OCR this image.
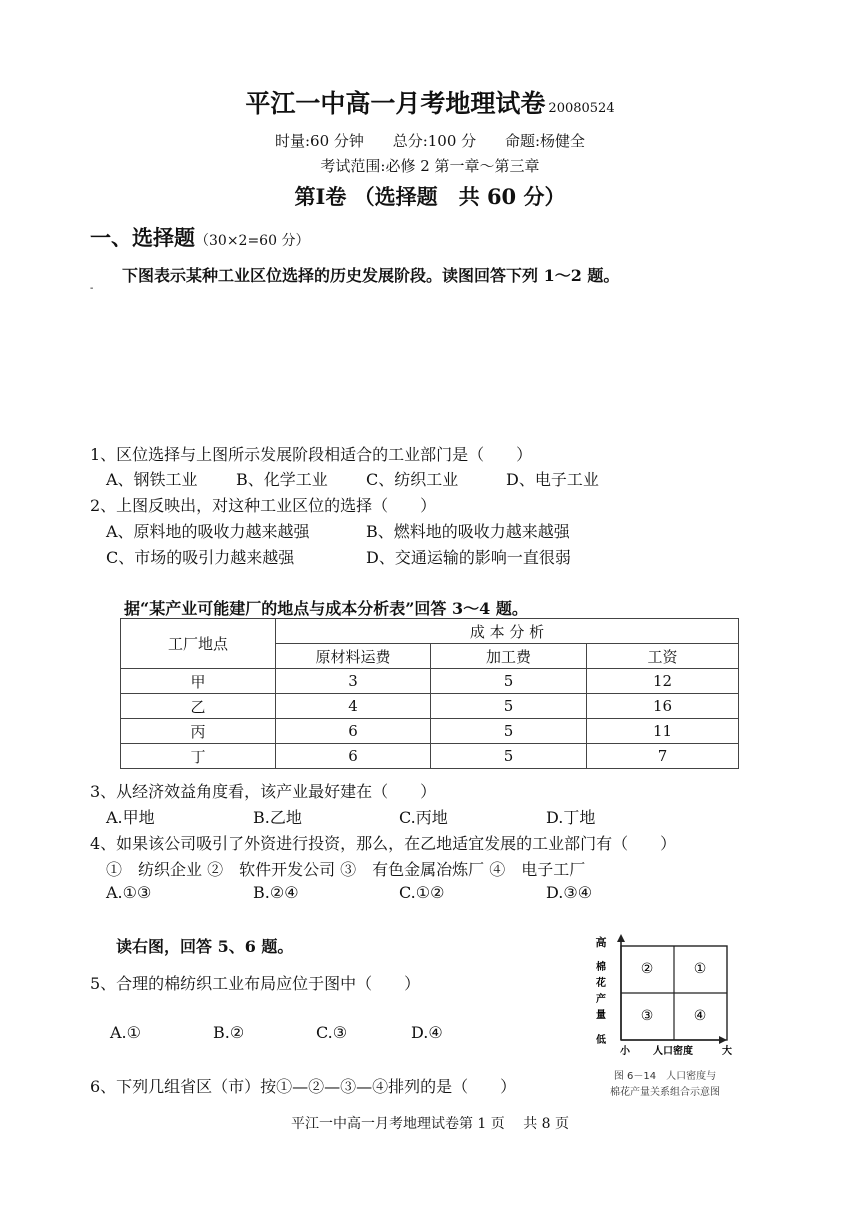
平江一中高一月考地理试卷 20080524
时量:60 分钟 总分:100 分 命题:杨健全
考试范围:必修 2 第一章～第三章
第Ⅰ卷 （选择题　共 60 分）
一、选择题（30×2=60 分）
下图表示某种工业区位选择的历史发展阶段。读图回答下列 1～2 题。
-
1、区位选择与上图所示发展阶段相适合的工业部门是（　　）
A、钢铁工业 B、化学工业 C、纺织工业	D、电子工业
2、上图反映出，对这种工业区位的选择（　　）
A、原料地的吸收力越来越强	B、燃料地的吸收力越来越强
C、市场的吸引力越来越强	D、交通运输的影响一直很弱
据“某产业可能建厂的地点与成本分析表”回答 3～4 题。
工厂地点	成 本 分 析		
	原材料运费	加工费	工资
甲	3	5	12
乙	4	5	16
丙	6	5	11
丁	6	5	7
3、从经济效益角度看，该产业最好建在（　　）
A.甲地	B.乙地	C.丙地	D.丁地
4、如果该公司吸引了外资进行投资，那么，在乙地适宜发展的工业部门有（　　）
①　纺织企业 ②　软件开发公司 ③　有色金属冶炼厂 ④　电子工厂
A.①③	B.②④	C.①②	D.③④
读右图，回答 5、6 题。
5、合理的棉纺织工业布局应位于图中（　　）
A.①	B.②	C.③	D.④
6、下列几组省区（市）按①—②—③—④排列的是（　　）
高
棉
花
产
量
低
②	①
③	④
小 人口密度	大
图 6－14　人口密度与
棉花产量关系组合示意图
平江一中高一月考地理试卷第 1 页　 共 8 页
